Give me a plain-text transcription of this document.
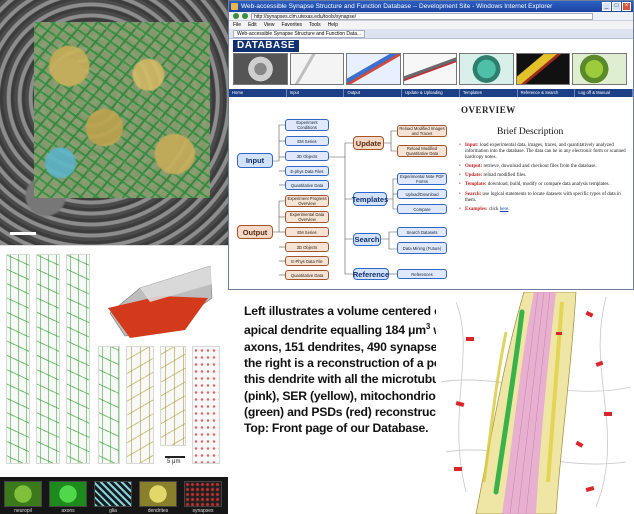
Web-accessible Synapse Structure and Function Database -- Development Site - Windows Internet Explorer	_	□	×
http://synapses.clm.utexas.edu/tools/synapse/
File Edit View Favorites Tools Help
Web-accessible Synapse Structure and Function Data...
DATABASE
Home	Input	Output	Update & Uploading	Templates	Reference & Search	Log off & Manual
Input
Experiment Conditions
EM Series
3D Objects
E-phys Data Files
Quantitative Data
Output
Experiment Progress Overview
Experimental Data Overview
EM Series
3D Objects
E-Phys Data File
Quantitative Data
Update
Reload Modified Images and Traces
Reload Modified Quantitative Data
Templates
Experimental Note PDF Forms
Upload/Download
Compare
Search
Search Datasets
Data Mining (Future)
Reference	References
OVERVIEW
Brief Description
• Input: load experimental data, images, traces, and quantitatively analyzed information into the database. The data can be in any electronic form or scanned hardcopy notes.
• Output: retrieve, download and checkout files from the database.
• Update: reload modified files.
• Template: download, build, modify or compare data analysis templates.
• Search: use logical statements to locate datasets with specific types of data in them.
• Examples: click here.
5 μm
neuropil	axons	glia	dendrites	synapses
Left illustrates a volume centered on an apical dendrite equalling 184 $\mu m^3$ with 446 axons, 151 dendrites, 490 synapses. At the right is a reconstruction of a portion of this dendrite with all the microtubules (pink), SER (yellow), mitochondrion (green) and PSDs (red) reconstructed. Top: Front page of our Database.
